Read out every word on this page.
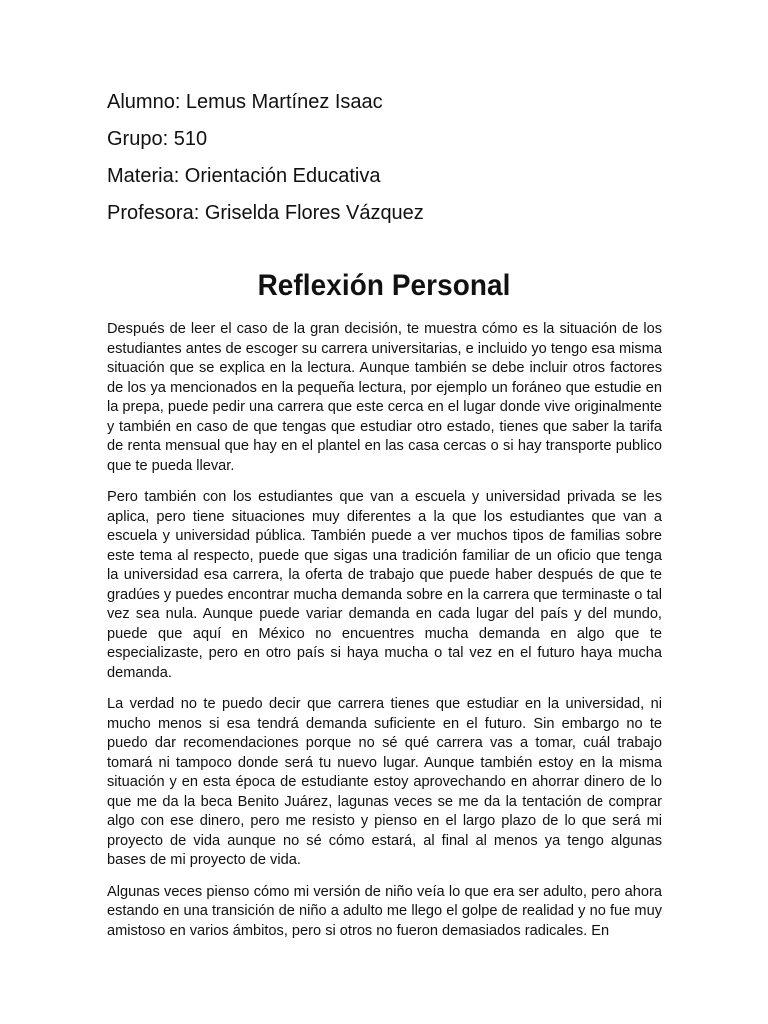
Alumno: Lemus Martínez Isaac

Grupo: 510

Materia: Orientación Educativa

Profesora: Griselda Flores Vázquez

Reflexión Personal

Después de leer el caso de la gran decisión, te muestra cómo es la situación de los estudiantes antes de escoger su carrera universitarias, e incluido yo tengo esa misma situación que se explica en la lectura. Aunque también se debe incluir otros factores de los ya mencionados en la pequeña lectura, por ejemplo un foráneo que estudie en la prepa, puede pedir una carrera que este cerca en el lugar donde vive originalmente y también en caso de que tengas que estudiar otro estado, tienes que saber la tarifa de renta mensual que hay en el plantel en las casa cercas o si hay transporte publico que te pueda llevar.

Pero también con los estudiantes que van a escuela y universidad privada se les aplica, pero tiene situaciones muy diferentes a la que los estudiantes que van a escuela y universidad pública. También puede a ver muchos tipos de familias sobre este tema al respecto, puede que sigas una tradición familiar de un oficio que tenga la universidad esa carrera, la oferta de trabajo que puede haber después de que te gradúes y puedes encontrar mucha demanda sobre en la carrera que terminaste o tal vez sea nula. Aunque puede variar demanda en cada lugar del país y del mundo, puede que aquí en México no encuentres mucha demanda en algo que te especializaste, pero en otro país si haya mucha o tal vez en el futuro haya mucha demanda.

La verdad no te puedo decir que carrera tienes que estudiar en la universidad, ni mucho menos si esa tendrá demanda suficiente en el futuro. Sin embargo no te puedo dar recomendaciones porque no sé qué carrera vas a tomar, cuál trabajo tomará ni tampoco donde será tu nuevo lugar. Aunque también estoy en la misma situación y en esta época de estudiante estoy aprovechando en ahorrar dinero de lo que me da la beca Benito Juárez, lagunas veces se me da la tentación de comprar algo con ese dinero, pero me resisto y pienso en el largo plazo de lo que será mi proyecto de vida aunque no sé cómo estará, al final al menos ya tengo algunas bases de mi proyecto de vida.

Algunas veces pienso cómo mi versión de niño veía lo que era ser adulto, pero ahora estando en una transición de niño a adulto me llego el golpe de realidad y no fue muy amistoso en varios ámbitos, pero si otros no fueron demasiados radicales. En
